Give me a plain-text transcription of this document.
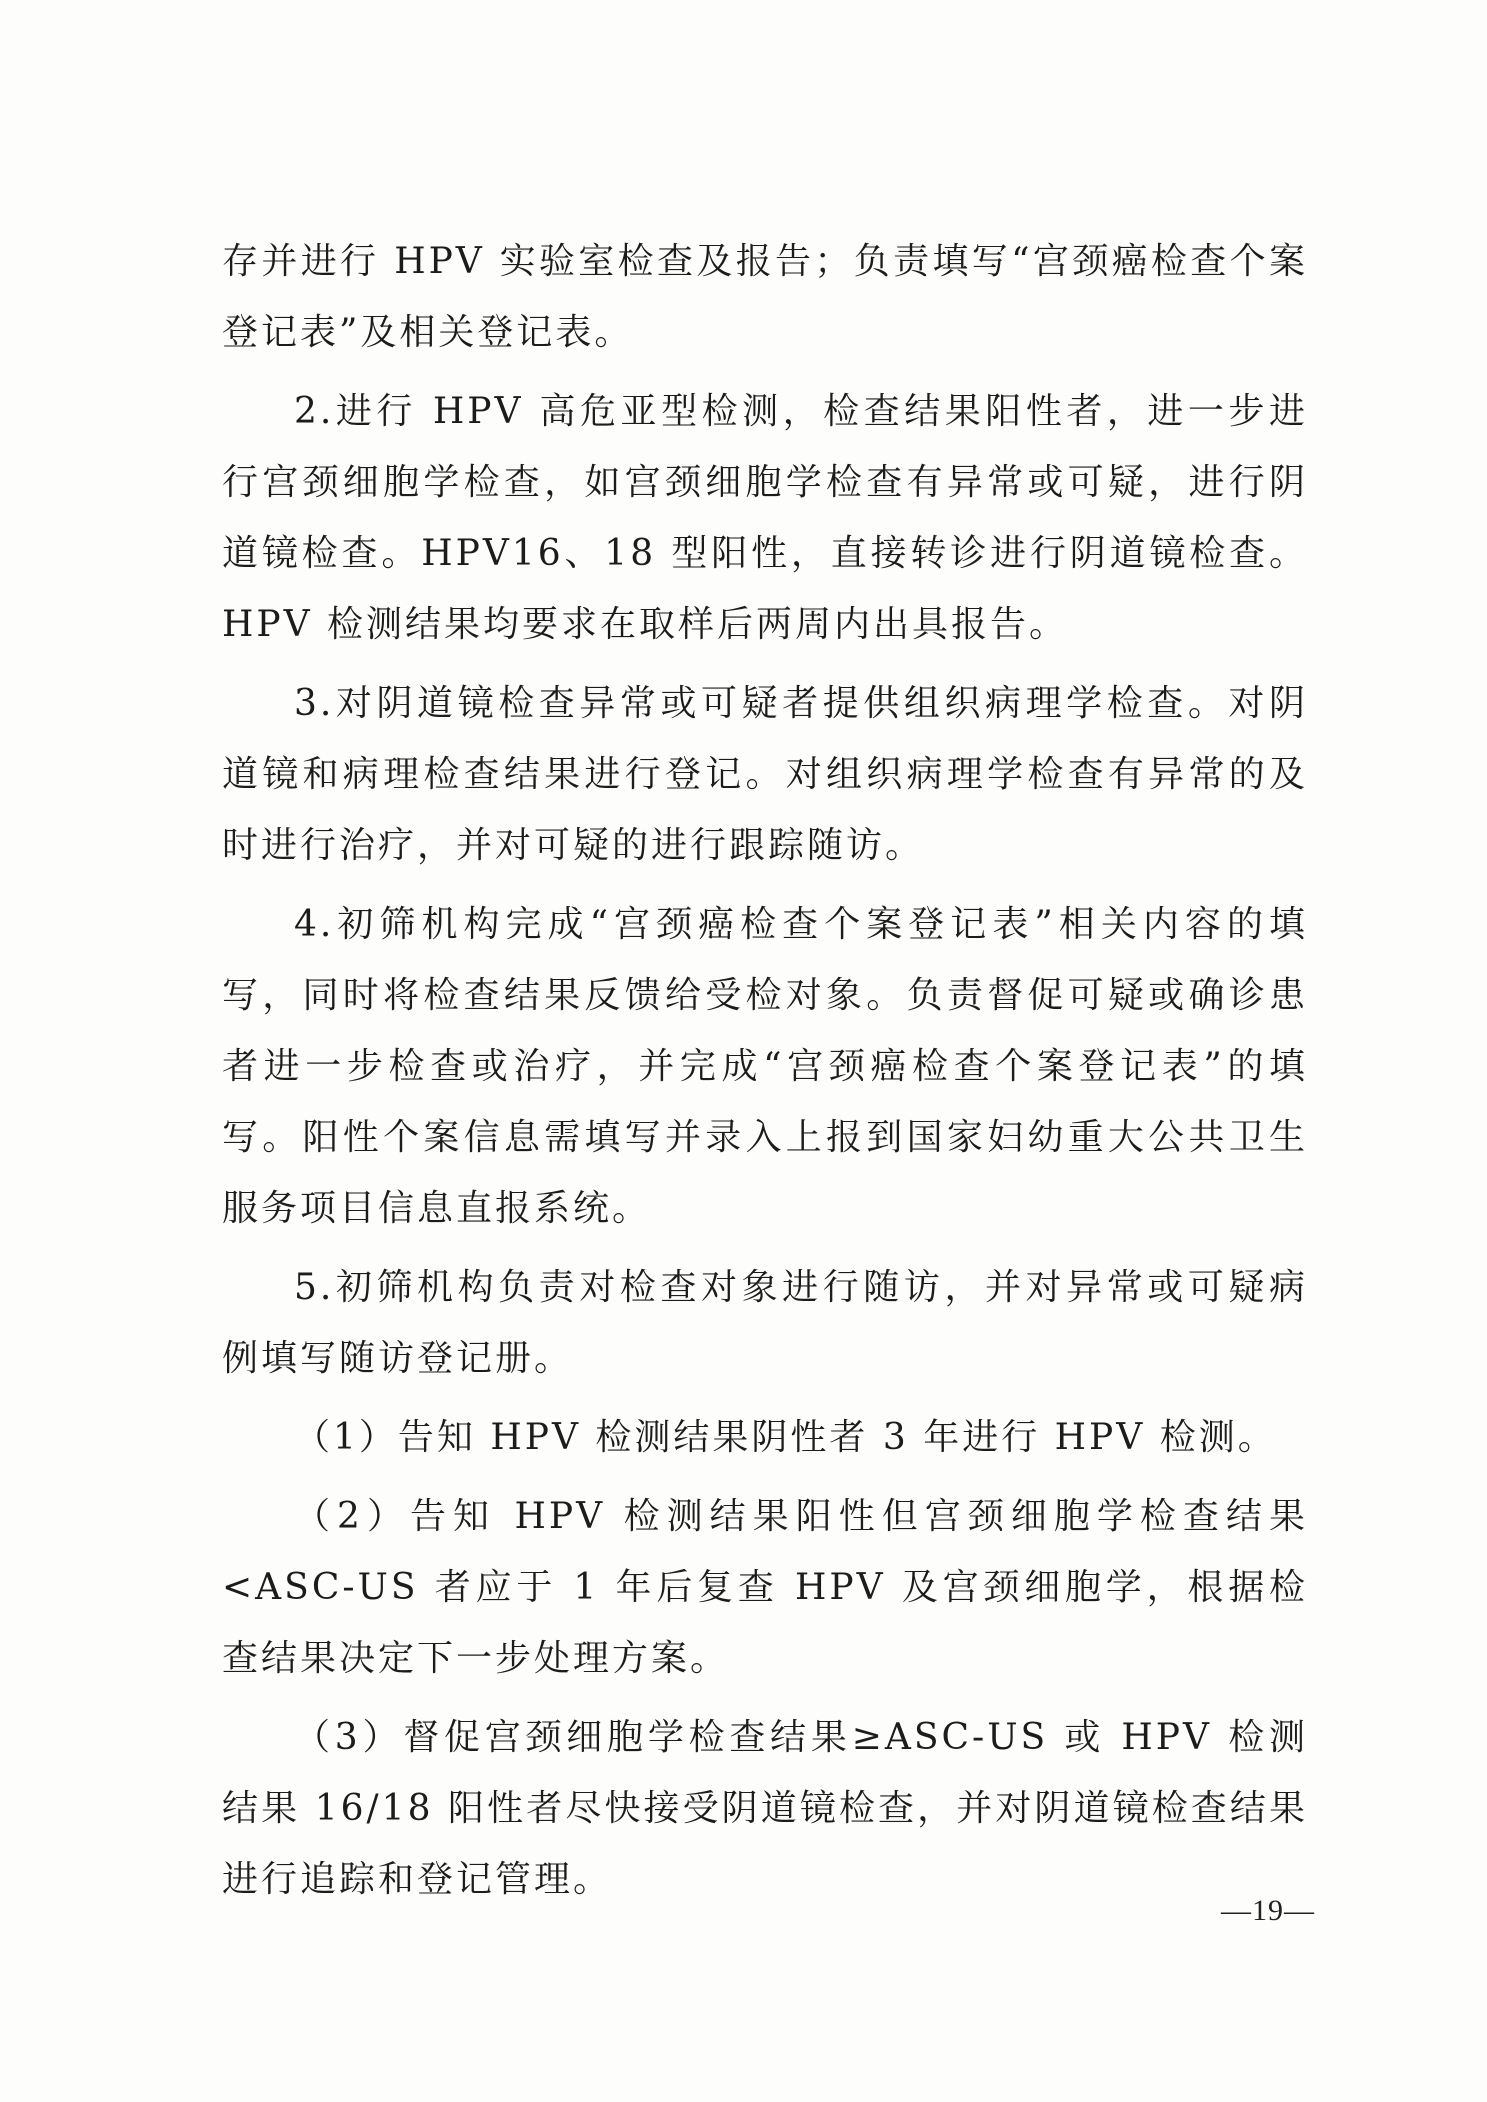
存并进行 HPV 实验室检查及报告；负责填写“宫颈癌检查个案登记表”及相关登记表。

2.进行 HPV 高危亚型检测，检查结果阳性者，进一步进行宫颈细胞学检查，如宫颈细胞学检查有异常或可疑，进行阴道镜检查。HPV16、18 型阳性，直接转诊进行阴道镜检查。HPV 检测结果均要求在取样后两周内出具报告。

3.对阴道镜检查异常或可疑者提供组织病理学检查。对阴道镜和病理检查结果进行登记。对组织病理学检查有异常的及时进行治疗，并对可疑的进行跟踪随访。

4.初筛机构完成“宫颈癌检查个案登记表”相关内容的填写，同时将检查结果反馈给受检对象。负责督促可疑或确诊患者进一步检查或治疗，并完成“宫颈癌检查个案登记表”的填写。阳性个案信息需填写并录入上报到国家妇幼重大公共卫生服务项目信息直报系统。

5.初筛机构负责对检查对象进行随访，并对异常或可疑病例填写随访登记册。

（1）告知 HPV 检测结果阴性者 3 年进行 HPV 检测。

（2）告知 HPV 检测结果阳性但宫颈细胞学检查结果<ASC-US 者应于 1 年后复查 HPV 及宫颈细胞学，根据检查结果决定下一步处理方案。

（3）督促宫颈细胞学检查结果≥ASC-US 或 HPV 检测结果 16/18 阳性者尽快接受阴道镜检查，并对阴道镜检查结果进行追踪和登记管理。

—19—
